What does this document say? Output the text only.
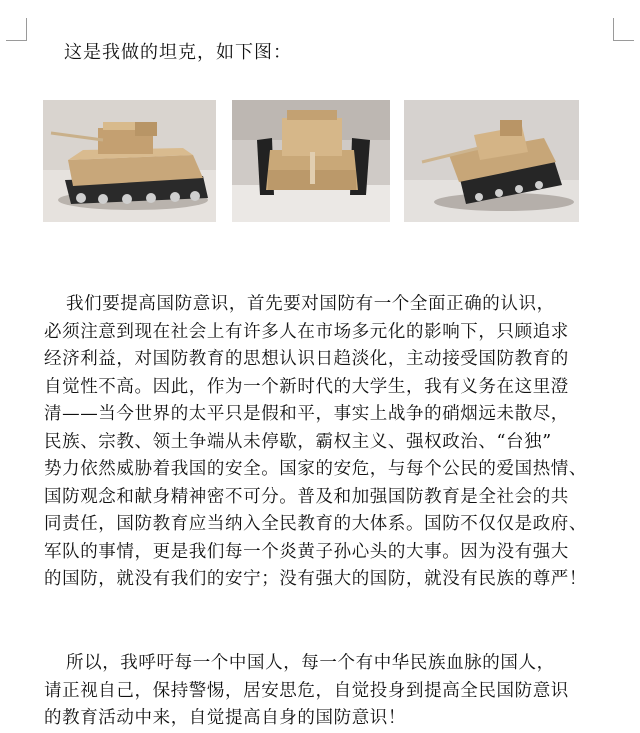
这是我做的坦克，如下图：
我们要提高国防意识，首先要对国防有一个全面正确的认识，
必须注意到现在社会上有许多人在市场多元化的影响下，只顾追求
经济利益，对国防教育的思想认识日趋淡化，主动接受国防教育的
自觉性不高。因此，作为一个新时代的大学生，我有义务在这里澄
清——当今世界的太平只是假和平，事实上战争的硝烟远未散尽，
民族、宗教、领土争端从未停歇，霸权主义、强权政治、“台独”
势力依然威胁着我国的安全。国家的安危，与每个公民的爱国热情、
国防观念和献身精神密不可分。普及和加强国防教育是全社会的共
同责任，国防教育应当纳入全民教育的大体系。国防不仅仅是政府、
军队的事情，更是我们每一个炎黄子孙心头的大事。因为没有强大
的国防，就没有我们的安宁；没有强大的国防，就没有民族的尊严！
所以，我呼吁每一个中国人，每一个有中华民族血脉的国人，
请正视自己，保持警惕，居安思危，自觉投身到提高全民国防意识
的教育活动中来，自觉提高自身的国防意识！
